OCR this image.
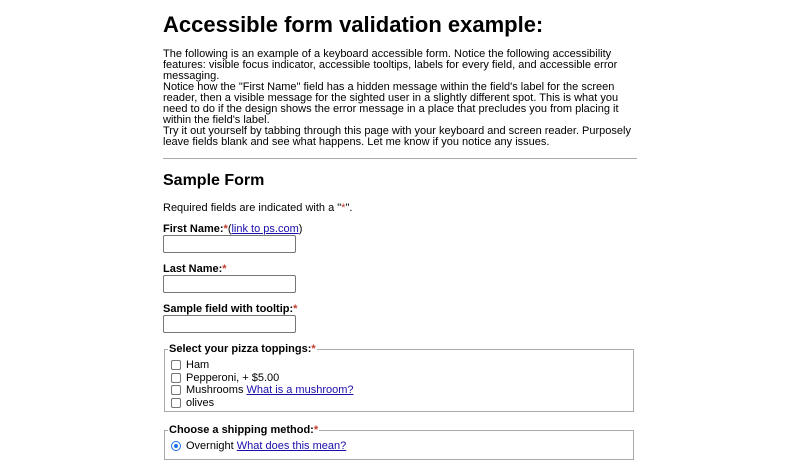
Accessible form validation example:

The following is an example of a keyboard accessible form. Notice the following accessibility features: visible focus indicator, accessible tooltips, labels for every field, and accessible error messaging.

Notice how the "First Name" field has a hidden message within the field's label for the screen reader, then a visible message for the sighted user in a slightly different spot. This is what you need to do if the design shows the error message in a place that precludes you from placing it within the field's label.

Try it out yourself by tabbing through this page with your keyboard and screen reader. Purposely leave fields blank and see what happens. Let me know if you notice any issues.

Sample Form

Required fields are indicated with a "*".

First Name:*(link to ps.com)
Last Name:*
Sample field with tooltip:*
Select your pizza toppings:*
Ham
Pepperoni, + $5.00
Mushrooms
What is a mushroom?
olives
Choose a shipping method:*
Overnight
What does this mean?
